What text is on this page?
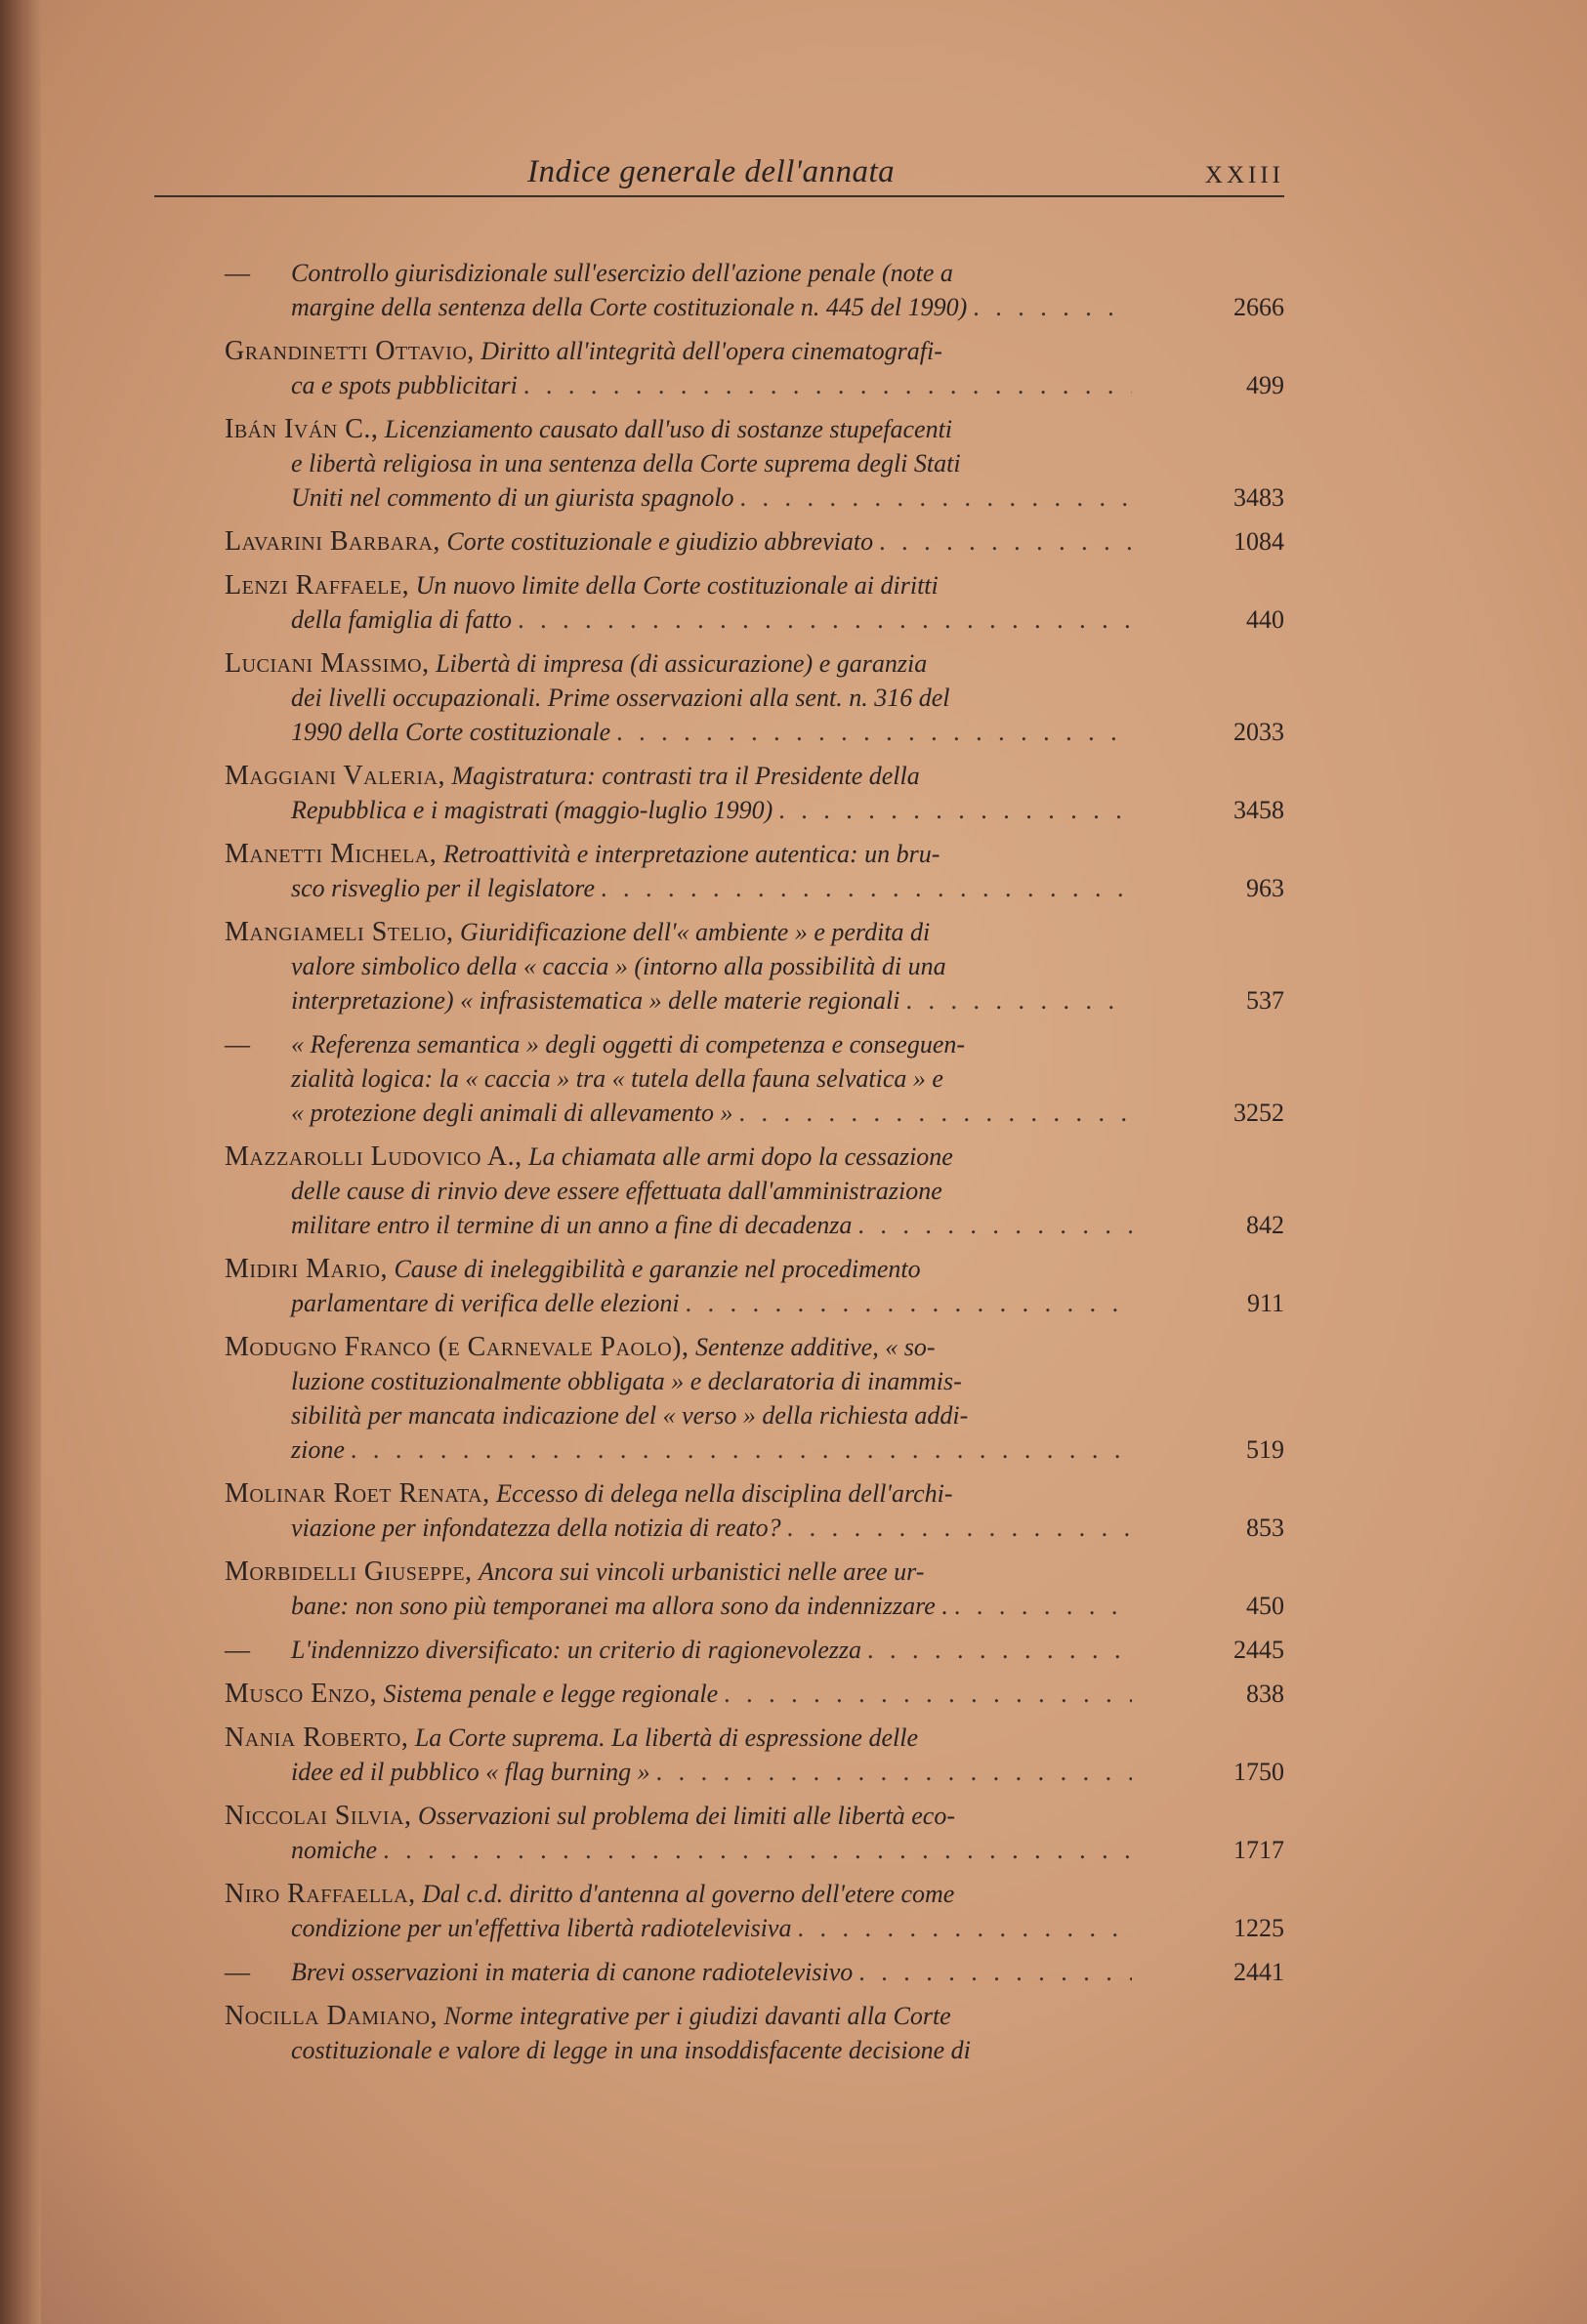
Indice generale dell'annata	XXIII
— Controllo giurisdizionale sull'esercizio dell'azione penale (note a
margine della sentenza della Corte costituzionale n. 445 del 1990) . . .	2666
Grandinetti Ottavio, Diritto all'integrità dell'opera cinematografi-
ca e spots pubblicitari . . .	499
Ibán Iván C., Licenziamento causato dall'uso di sostanze stupefacenti
e libertà religiosa in una sentenza della Corte suprema degli Stati
Uniti nel commento di un giurista spagnolo . . .	3483
Lavarini Barbara, Corte costituzionale e giudizio abbreviato . . .	1084
Lenzi Raffaele, Un nuovo limite della Corte costituzionale ai diritti
della famiglia di fatto . . .	440
Luciani Massimo, Libertà di impresa (di assicurazione) e garanzia
dei livelli occupazionali. Prime osservazioni alla sent. n. 316 del
1990 della Corte costituzionale . . .	2033
Maggiani Valeria, Magistratura: contrasti tra il Presidente della
Repubblica e i magistrati (maggio-luglio 1990) . . .	3458
Manetti Michela, Retroattività e interpretazione autentica: un bru-
sco risveglio per il legislatore . . .	963
Mangiameli Stelio, Giuridificazione dell'« ambiente » e perdita di
valore simbolico della « caccia » (intorno alla possibilità di una
interpretazione) « infrasistematica » delle materie regionali . . .	537
— « Referenza semantica » degli oggetti di competenza e conseguen-
zialità logica: la « caccia » tra « tutela della fauna selvatica » e
« protezione degli animali di allevamento » . . .	3252
Mazzarolli Ludovico A., La chiamata alle armi dopo la cessazione
delle cause di rinvio deve essere effettuata dall'amministrazione
militare entro il termine di un anno a fine di decadenza . . .	842
Midiri Mario, Cause di ineleggibilità e garanzie nel procedimento
parlamentare di verifica delle elezioni . . .	911
Modugno Franco (e Carnevale Paolo), Sentenze additive, « so-
luzione costituzionalmente obbligata » e declaratoria di inammis-
sibilità per mancata indicazione del « verso » della richiesta addi-
zione . . .	519
Molinar Roet Renata, Eccesso di delega nella disciplina dell'archi-
viazione per infondatezza della notizia di reato? . . .	853
Morbidelli Giuseppe, Ancora sui vincoli urbanistici nelle aree ur-
bane: non sono più temporanei ma allora sono da indennizzare . . . .	450
— L'indennizzo diversificato: un criterio di ragionevolezza . . .	2445
Musco Enzo, Sistema penale e legge regionale . . .	838
Nania Roberto, La Corte suprema. La libertà di espressione delle
idee ed il pubblico « flag burning » . . .	1750
Niccolai Silvia, Osservazioni sul problema dei limiti alle libertà eco-
nomiche . . .	1717
Niro Raffaella, Dal c.d. diritto d'antenna al governo dell'etere come
condizione per un'effettiva libertà radiotelevisiva . . .	1225
— Brevi osservazioni in materia di canone radiotelevisivo . . .	2441
Nocilla Damiano, Norme integrative per i giudizi davanti alla Corte
costituzionale e valore di legge in una insoddisfacente decisione di
